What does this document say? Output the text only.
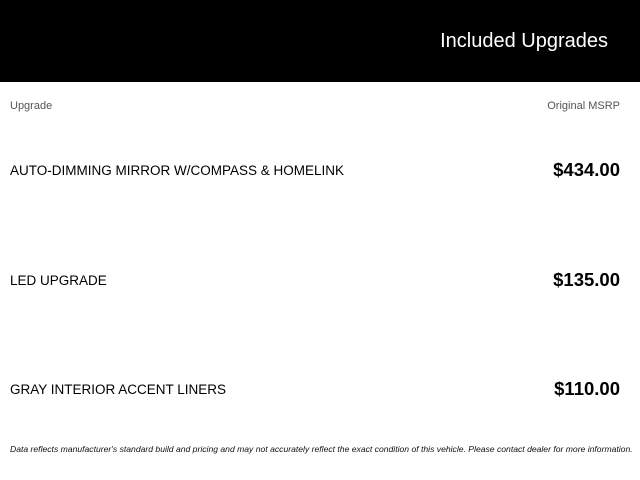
Included Upgrades
Upgrade	Original MSRP
AUTO-DIMMING MIRROR W/COMPASS & HOMELINK	$434.00
LED UPGRADE	$135.00
GRAY INTERIOR ACCENT LINERS	$110.00
Data reflects manufacturer's standard build and pricing and may not accurately reflect the exact condition of this vehicle. Please contact dealer for more information.
